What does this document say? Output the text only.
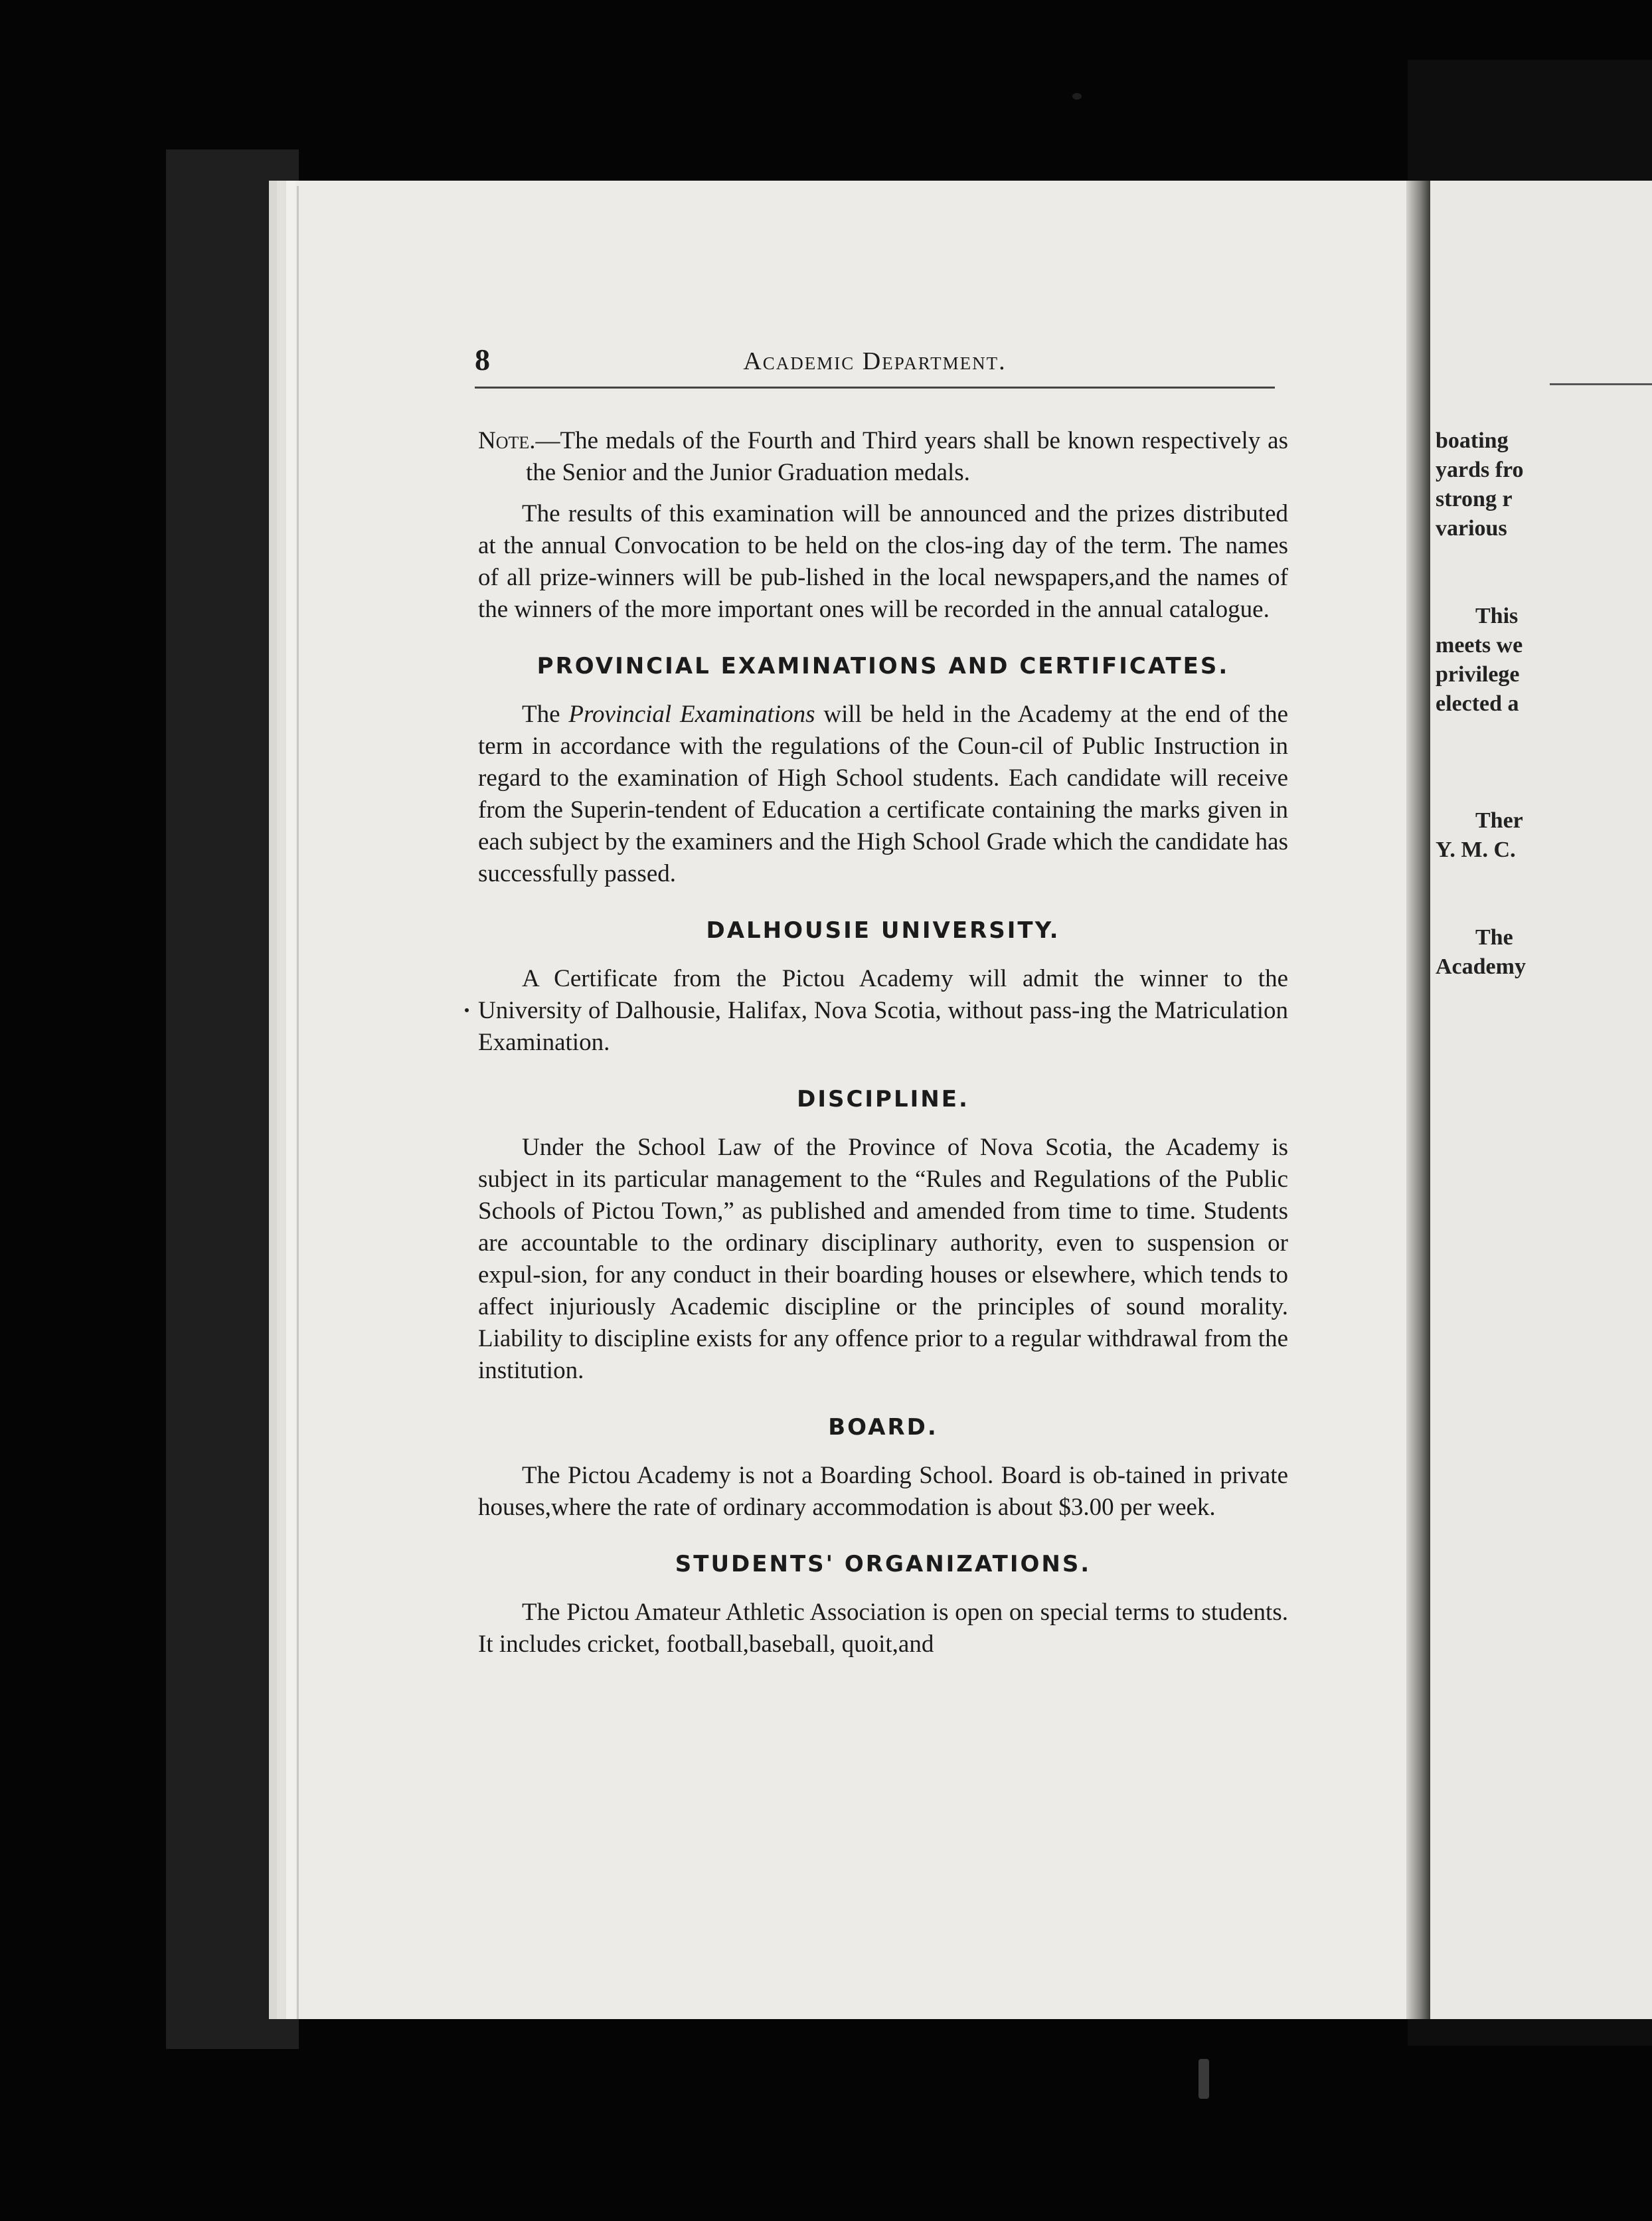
boating
yards fro
strong r
various

This
meets we
privilege
elected a

Ther
Y. M. C.

The
Academy
8	Academic Department.

Note.—The medals of the Fourth and Third years shall be known respectively as the Senior and the Junior Graduation medals.

The results of this examination will be announced and the prizes distributed at the annual Convocation to be held on the clos-ing day of the term. The names of all prize-winners will be pub-lished in the local newspapers,and the names of the winners of the more important ones will be recorded in the annual catalogue.

PROVINCIAL EXAMINATIONS AND CERTIFICATES.

The Provincial Examinations will be held in the Academy at the end of the term in accordance with the regulations of the Coun-cil of Public Instruction in regard to the examination of High School students. Each candidate will receive from the Superin-tendent of Education a certificate containing the marks given in each subject by the examiners and the High School Grade which the candidate has successfully passed.

DALHOUSIE UNIVERSITY.

A Certificate from the Pictou Academy will admit the winner to the University of Dalhousie, Halifax, Nova Scotia, without pass-ing the Matriculation Examination.

DISCIPLINE.

Under the School Law of the Province of Nova Scotia, the Academy is subject in its particular management to the “Rules and Regulations of the Public Schools of Pictou Town,” as published and amended from time to time. Students are accountable to the ordinary disciplinary authority, even to suspension or expul-sion, for any conduct in their boarding houses or elsewhere, which tends to affect injuriously Academic discipline or the principles of sound morality. Liability to discipline exists for any offence prior to a regular withdrawal from the institution.

BOARD.

The Pictou Academy is not a Boarding School. Board is ob-tained in private houses,where the rate of ordinary accommodation is about $3.00 per week.

STUDENTS' ORGANIZATIONS.

The Pictou Amateur Athletic Association is open on special terms to students. It includes cricket, football,baseball, quoit,and
